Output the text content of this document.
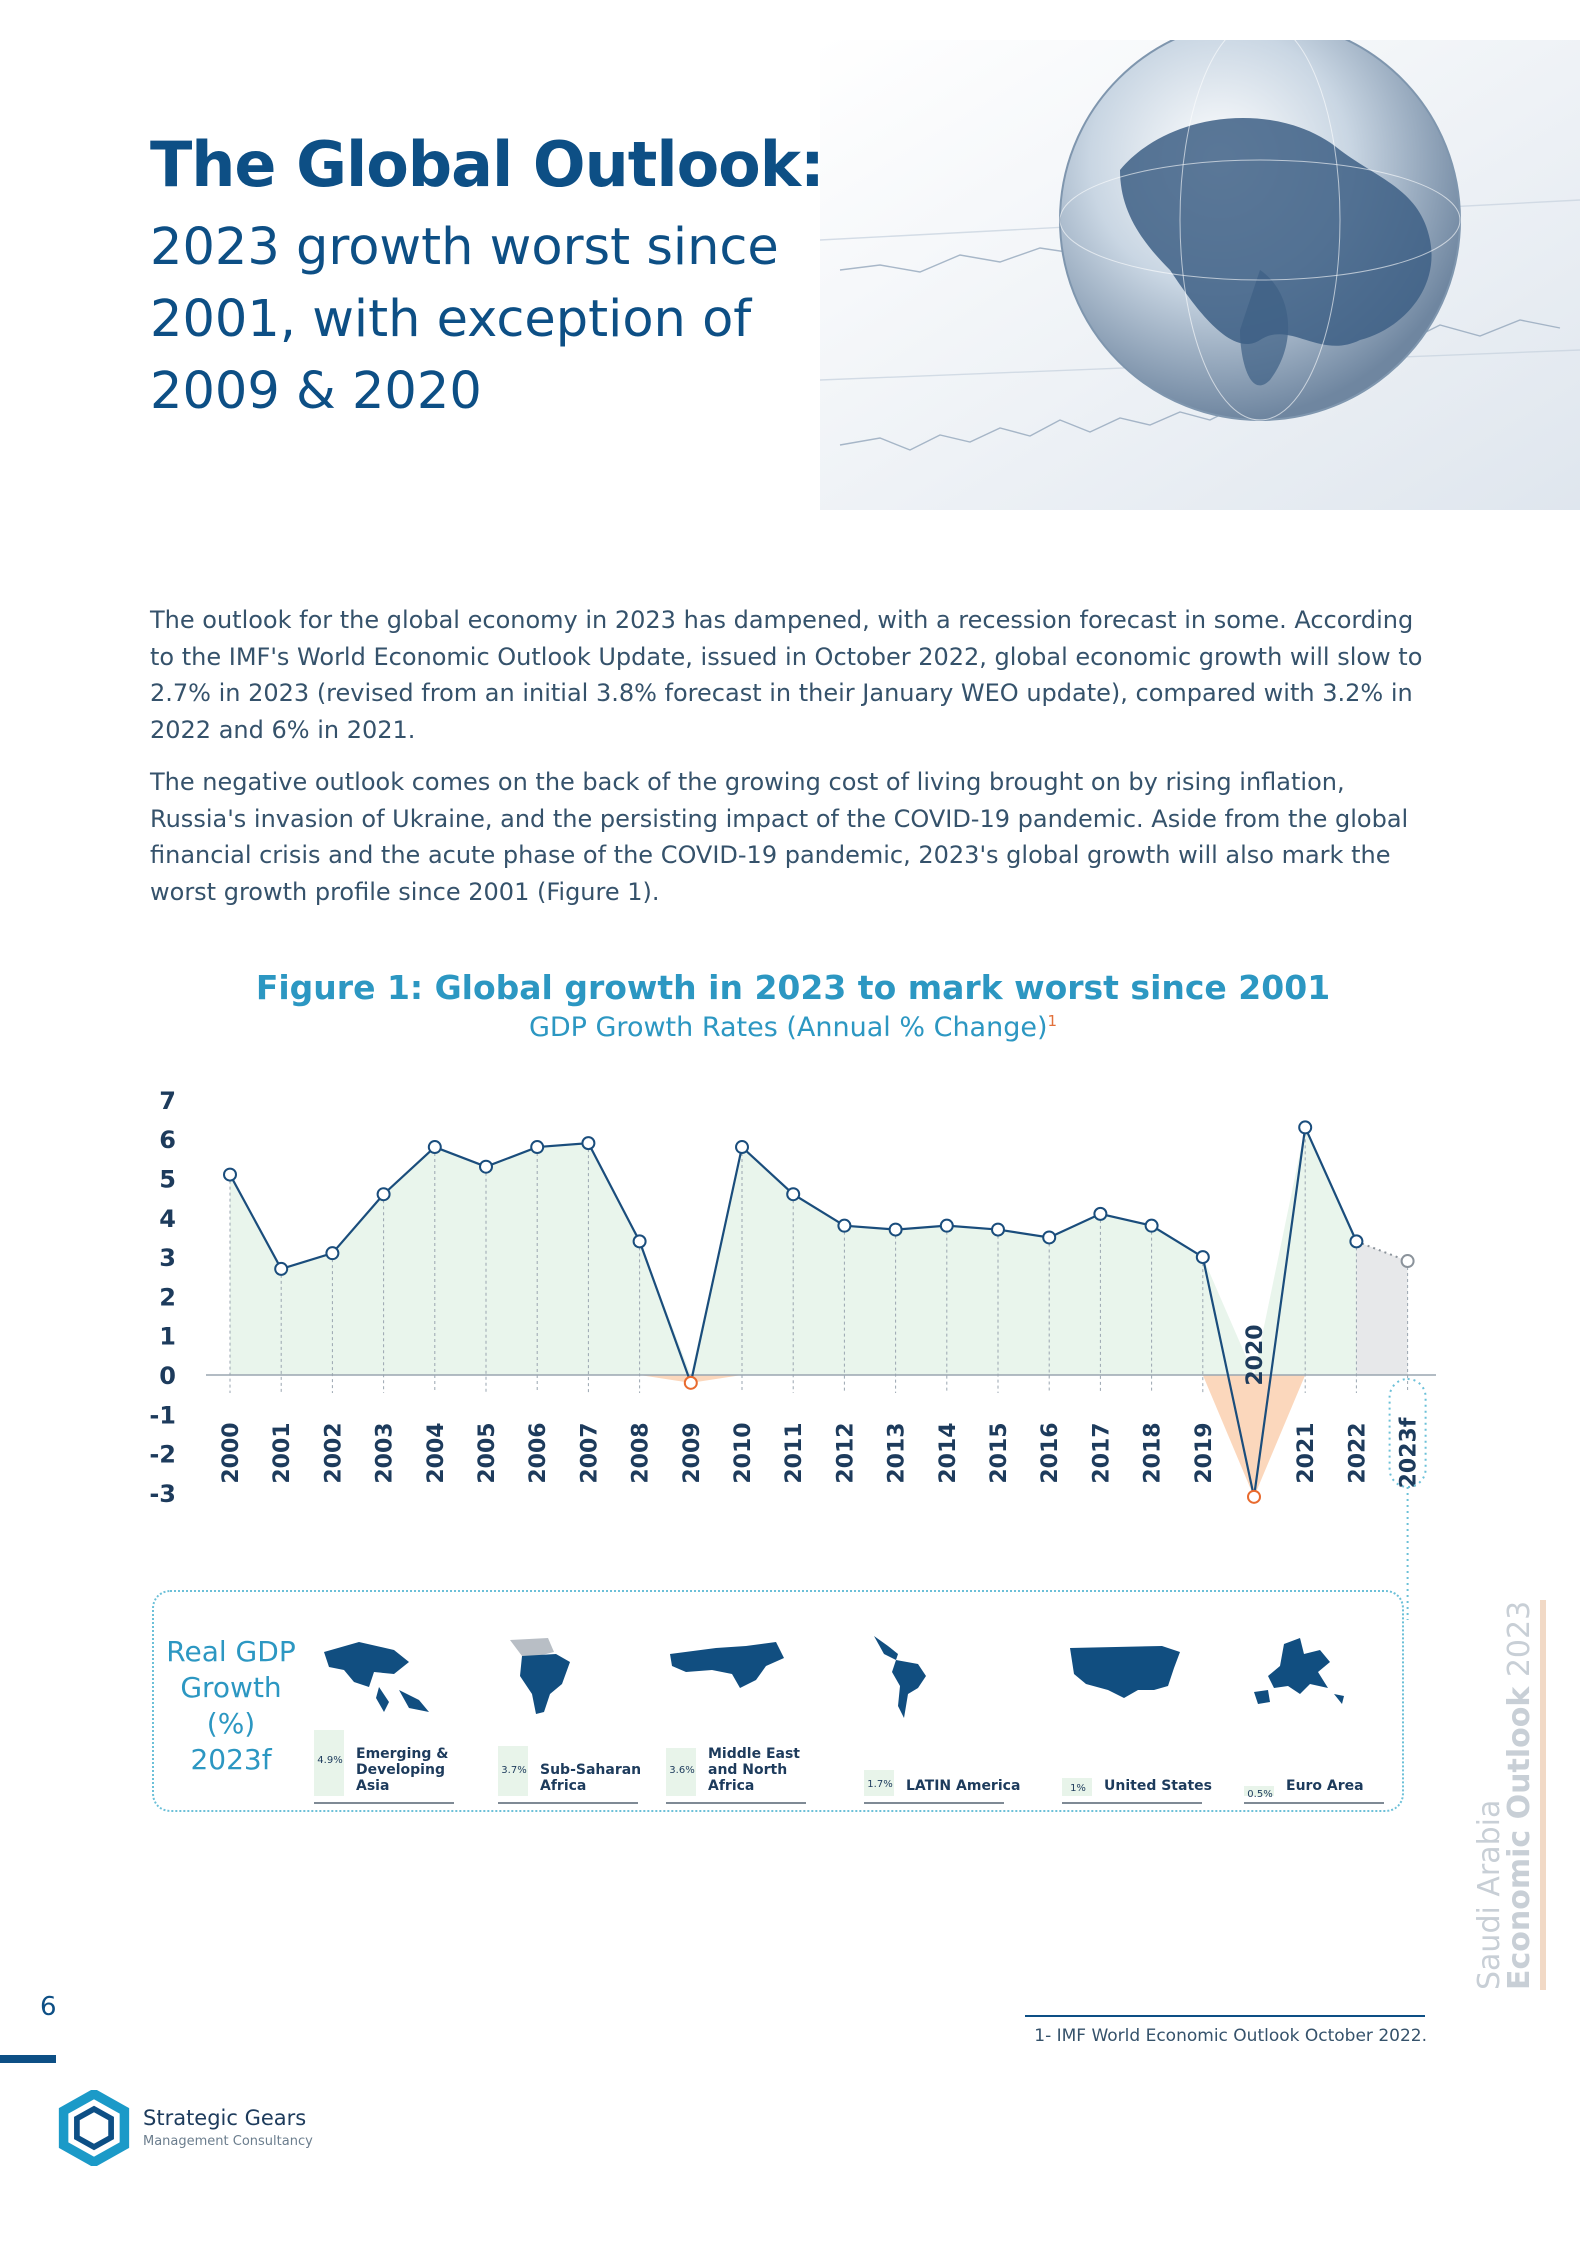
The Global Outlook:
2023 growth worst since 2001, with exception of 2009 & 2020

The outlook for the global economy in 2023 has dampened, with a recession forecast in some. According to the IMF's World Economic Outlook Update, issued in October 2022, global economic growth will slow to 2.7% in 2023 (revised from an initial 3.8% forecast in their January WEO update), compared with 3.2% in 2022 and 6% in 2021.

The negative outlook comes on the back of the growing cost of living brought on by rising inflation, Russia's invasion of Ukraine, and the persisting impact of the COVID-19 pandemic. Aside from the global financial crisis and the acute phase of the COVID-19 pandemic, 2023's global growth will also mark the worst growth profile since 2001 (Figure 1).

Figure 1: Global growth in 2023 to mark worst since 2001
GDP Growth Rates (Annual % Change)$^1$
7
6
5
4
3
2
1
0
-1
-2
-3
2000 2001 2002 2003 2004 2005 2006 2007 2008 2009 2010 2011 2012 2013 2014 2015 2016 2017 2018 2019
2020
2021 2022 2023f
Real GDP Growth (%) 2023f	4.9% Emerging & Developing Asia
3.7% Sub-Saharan Africa
3.6%
Middle East and North Africa	1.7% LATIN America	1%	United States
0.5%
Euro Area
Saudi Arabia
Economic Outlook 2023
6
1- IMF World Economic Outlook October 2022.
Strategic Gears
Management Consultancy
